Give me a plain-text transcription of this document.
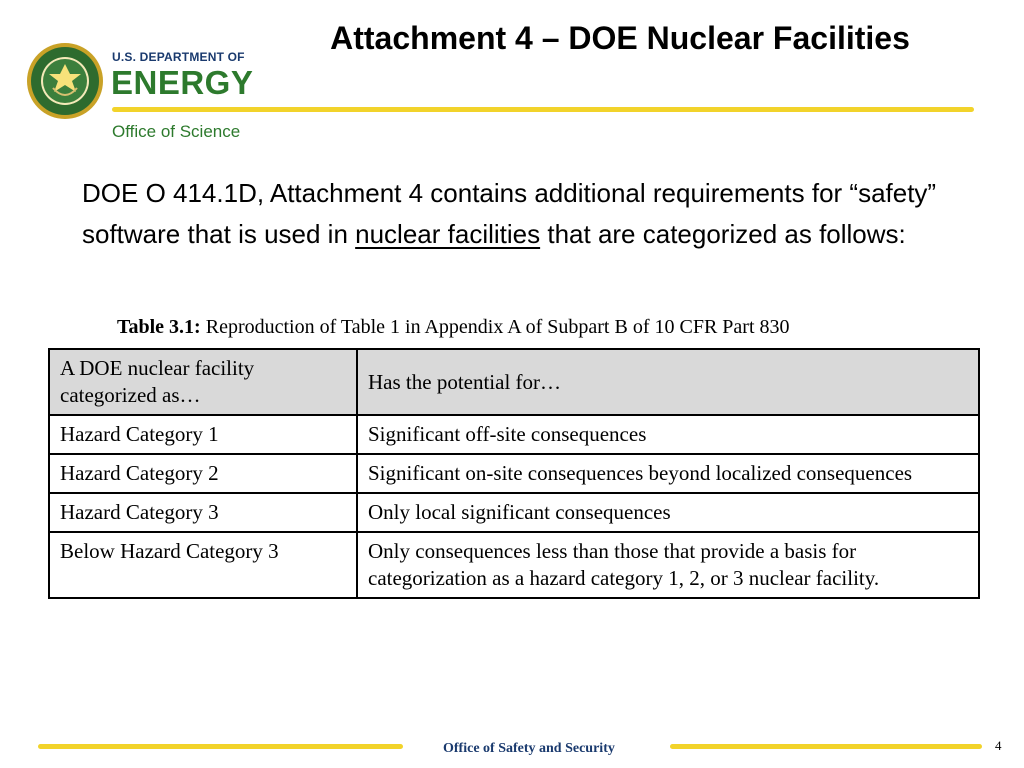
U.S. DEPARTMENT OF
ENERGY
Office of Science
Attachment 4 – DOE Nuclear Facilities
DOE O 414.1D, Attachment 4 contains additional requirements for “safety” software that is used in nuclear facilities that are categorized as follows:
Table 3.1: Reproduction of Table 1 in Appendix A of Subpart B of 10 CFR Part 830
A DOE nuclear facility categorized as…	Has the potential for…
Hazard Category 1	Significant off-site consequences
Hazard Category 2	Significant on-site consequences beyond localized consequences
Hazard Category 3	Only local significant consequences
Below Hazard Category 3	Only consequences less than those that provide a basis for categorization as a hazard category 1, 2, or 3 nuclear facility.
Office of Safety and Security	4
